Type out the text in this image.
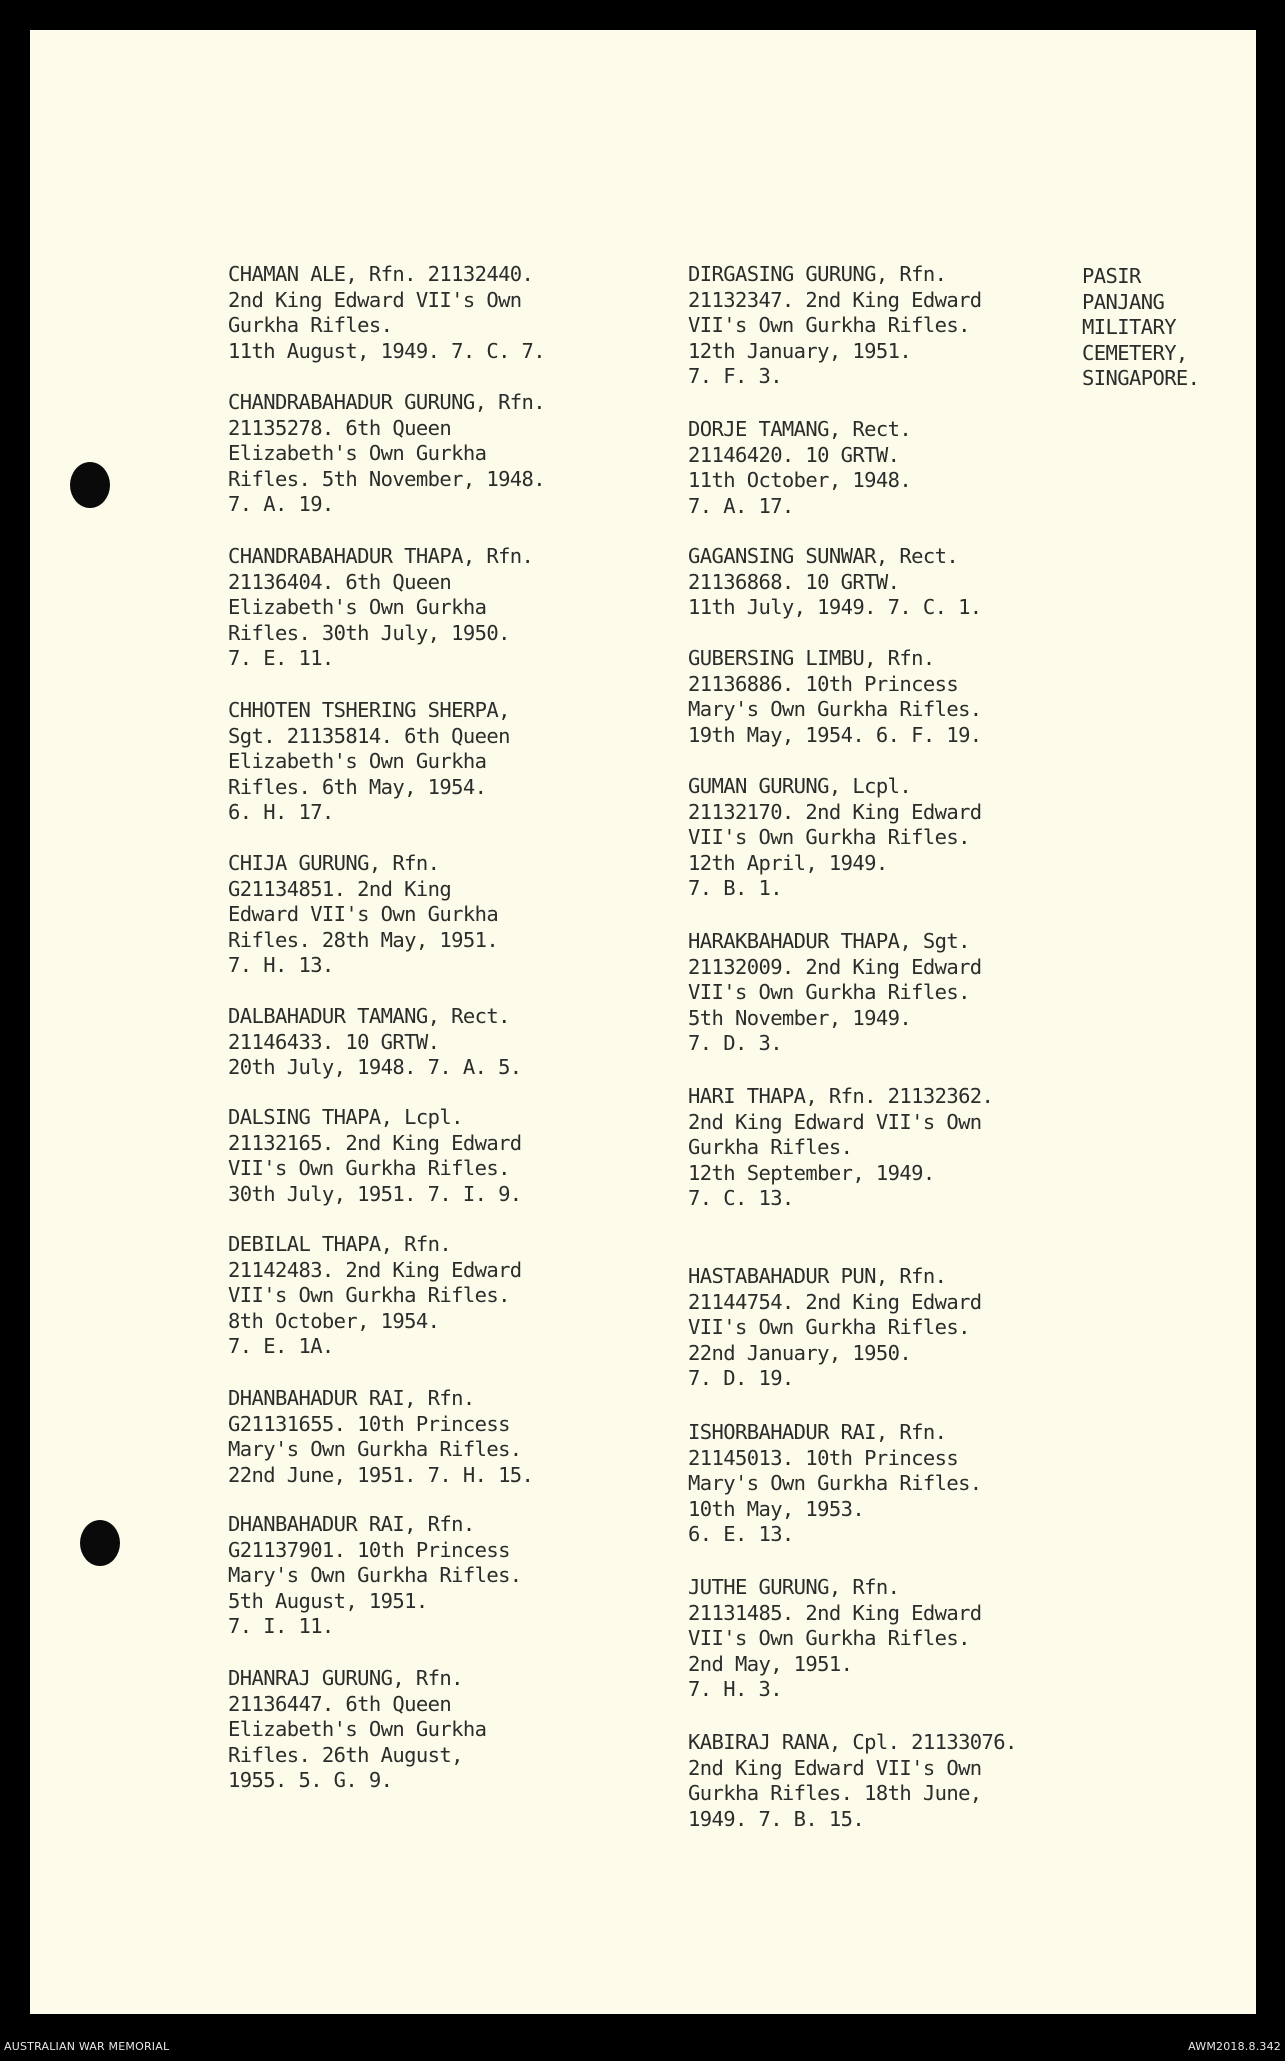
PASIR
PANJANG
MILITARY
CEMETERY,
SINGAPORE.
CHAMAN ALE, Rfn. 21132440.
2nd King Edward VII's Own
Gurkha Rifles.
11th August, 1949. 7. C. 7.
CHANDRABAHADUR GURUNG, Rfn.
21135278. 6th Queen
Elizabeth's Own Gurkha
Rifles. 5th November, 1948.
7. A. 19.
CHANDRABAHADUR THAPA, Rfn.
21136404. 6th Queen
Elizabeth's Own Gurkha
Rifles. 30th July, 1950.
7. E. 11.
CHHOTEN TSHERING SHERPA,
Sgt. 21135814. 6th Queen
Elizabeth's Own Gurkha
Rifles. 6th May, 1954.
6. H. 17.
CHIJA GURUNG, Rfn.
G21134851. 2nd King
Edward VII's Own Gurkha
Rifles. 28th May, 1951.
7. H. 13.
DALBAHADUR TAMANG, Rect.
21146433. 10 GRTW.
20th July, 1948. 7. A. 5.
DALSING THAPA, Lcpl.
21132165. 2nd King Edward
VII's Own Gurkha Rifles.
30th July, 1951. 7. I. 9.
DEBILAL THAPA, Rfn.
21142483. 2nd King Edward
VII's Own Gurkha Rifles.
8th October, 1954.
7. E. 1A.
DHANBAHADUR RAI, Rfn.
G21131655. 10th Princess
Mary's Own Gurkha Rifles.
22nd June, 1951. 7. H. 15.
DHANBAHADUR RAI, Rfn.
G21137901. 10th Princess
Mary's Own Gurkha Rifles.
5th August, 1951.
7. I. 11.
DHANRAJ GURUNG, Rfn.
21136447. 6th Queen
Elizabeth's Own Gurkha
Rifles. 26th August,
1955. 5. G. 9.
DIRGASING GURUNG, Rfn.
21132347. 2nd King Edward
VII's Own Gurkha Rifles.
12th January, 1951.
7. F. 3.
DORJE TAMANG, Rect.
21146420. 10 GRTW.
11th October, 1948.
7. A. 17.
GAGANSING SUNWAR, Rect.
21136868. 10 GRTW.
11th July, 1949. 7. C. 1.
GUBERSING LIMBU, Rfn.
21136886. 10th Princess
Mary's Own Gurkha Rifles.
19th May, 1954. 6. F. 19.
GUMAN GURUNG, Lcpl.
21132170. 2nd King Edward
VII's Own Gurkha Rifles.
12th April, 1949.
7. B. 1.
HARAKBAHADUR THAPA, Sgt.
21132009. 2nd King Edward
VII's Own Gurkha Rifles.
5th November, 1949.
7. D. 3.
HARI THAPA, Rfn. 21132362.
2nd King Edward VII's Own
Gurkha Rifles.
12th September, 1949.
7. C. 13.
HASTABAHADUR PUN, Rfn.
21144754. 2nd King Edward
VII's Own Gurkha Rifles.
22nd January, 1950.
7. D. 19.
ISHORBAHADUR RAI, Rfn.
21145013. 10th Princess
Mary's Own Gurkha Rifles.
10th May, 1953.
6. E. 13.
JUTHE GURUNG, Rfn.
21131485. 2nd King Edward
VII's Own Gurkha Rifles.
2nd May, 1951.
7. H. 3.
KABIRAJ RANA, Cpl. 21133076.
2nd King Edward VII's Own
Gurkha Rifles. 18th June,
1949. 7. B. 15.
AUSTRALIAN WAR MEMORIAL	AWM2018.8.342
